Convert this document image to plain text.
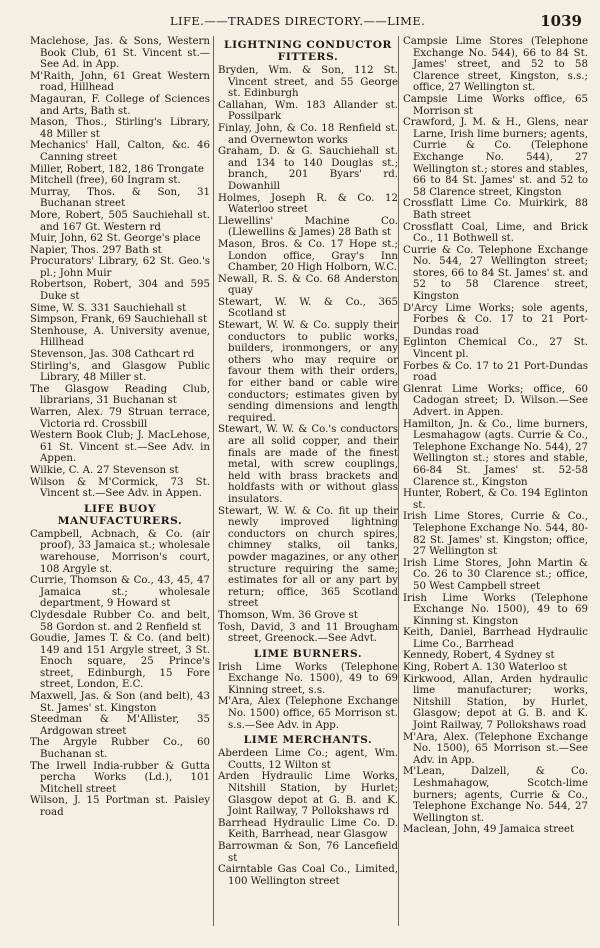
LIFE.——TRADES DIRECTORY.——LIME.	1039

Maclehose, Jas. & Sons, Western Book Club, 61 St. Vincent st.—See Ad. in App.

M'Raith, John, 61 Great Western road, Hillhead

Magauran, F. College of Sciences and Arts, Bath st.

Mason, Thos., Stirling's Library, 48 Miller st

Mechanics' Hall, Calton, &c. 46 Canning street

Miller, Robert, 182, 186 Trongate

Mitchell (free), 60 Ingram st.

Murray, Thos. & Son, 31 Buchanan street

More, Robert, 505 Sauchiehall st. and 167 Gt. Western rd

Muir, John, 62 St. George's place

Napier, Thos. 297 Bath st

Procurators' Library, 62 St. Geo.'s pl.; John Muir

Robertson, Robert, 304 and 595 Duke st

Sime, W. S. 331 Sauchiehall st

Simpson, Frank, 69 Sauchiehall st

Stenhouse, A. University avenue, Hillhead

Stevenson, Jas. 308 Cathcart rd

Stirling's, and Glasgow Public Library, 48 Miller st.

The Glasgow Reading Club, librarians, 31 Buchanan st

Warren, Alex. 79 Struan terrace, Victoria rd. Crossbill

Western Book Club; J. MacLehose, 61 St. Vincent st.—See Adv. in Appen.

Wilkie, C. A. 27 Stevenson st

Wilson & M'Cormick, 73 St. Vincent st.—See Adv. in Appen.

LIFE BUOY MANUFACTURERS.

Campbell, Acbnach, & Co. (air proof), 33 Jamaica st.; wholesale warehouse, Morrison's court, 108 Argyle st.

Currie, Thomson & Co., 43, 45, 47 Jamaica st.; wholesale department, 9 Howard st

Clydesdale Rubber Co. and belt, 58 Gordon st. and 2 Renfield st

Goudie, James T. & Co. (and belt) 149 and 151 Argyle street, 3 St. Enoch square, 25 Prince's street, Edinburgh, 15 Fore street, London, E.C.

Maxwell, Jas. & Son (and belt), 43 St. James' st. Kingston

Steedman & M'Allister, 35 Ardgowan street

The Argyle Rubber Co., 60 Buchanan st.

The Irwell India-rubber & Gutta percha Works (Ld.), 101 Mitchell street

Wilson, J. 15 Portman st. Paisley road

LIGHTNING CONDUCTOR FITTERS.

Bryden, Wm. & Son, 112 St. Vincent street, and 55 George st. Edinburgh

Callahan, Wm. 183 Allander st. Possilpark

Finlay, John, & Co. 18 Renfield st. and Overnewton works

Graham, D. & G. Sauchiehall st. and 134 to 140 Douglas st.; branch, 201 Byars' rd. Dowanhill

Holmes, Joseph R. & Co. 12 Waterloo street

Llewellins' Machine Co. (Llewellins & James) 28 Bath st

Mason, Bros. & Co. 17 Hope st.; London office, Gray's Inn Chamber, 20 High Holborn, W.C.

Newall, R. S. & Co. 68 Anderston quay

Stewart, W. W. & Co., 365 Scotland st

Stewart, W. W. & Co. supply their conductors to public works, builders, ironmongers, or any others who may require or favour them with their orders, for either band or cable wire conductors; estimates given by sending dimensions and length required.

Stewart, W. W. & Co.'s conductors are all solid copper, and their finals are made of the finest metal, with screw couplings, held with brass brackets and holdfasts with or without glass insulators.

Stewart, W. W. & Co. fit up their newly improved lightning conductors on church spires, chimney stalks, oil tanks, powder magazines, or any other structure requiring the same; estimates for all or any part by return; office, 365 Scotland street

Thomson, Wm. 36 Grove st

Tosh, David, 3 and 11 Brougham street, Greenock.—See Advt.

LIME BURNERS.

Irish Lime Works (Telephone Exchange No. 1500), 49 to 69 Kinning street, s.s.

M'Ara, Alex (Telephone Exchange No. 1500) office, 65 Morrison st. s.s.—See Adv. in App.

LIME MERCHANTS.

Aberdeen Lime Co.; agent, Wm. Coutts, 12 Wilton st

Arden Hydraulic Lime Works, Nitshill Station, by Hurlet; Glasgow depot at G. B. and K. Joint Railway, 7 Pollokshaws rd

Barrhead Hydraulic Lime Co. D. Keith, Barrhead, near Glasgow

Barrowman & Son, 76 Lancefield st

Cairntable Gas Coal Co., Limited, 100 Wellington street

Campsie Lime Stores (Telephone Exchange No. 544), 66 to 84 St. James' street, and 52 to 58 Clarence street, Kingston, s.s.; office, 27 Wellington st.

Campsie Lime Works office, 65 Morrison st

Crawford, J. M. & H., Glens, near Larne, Irish lime burners; agents, Currie & Co. (Telephone Exchange No. 544), 27 Wellington st.; stores and stables, 66 to 84 St. James' st. and 52 to 58 Clarence street, Kingston

Crossflatt Lime Co. Muirkirk, 88 Bath street

Crossflatt Coal, Lime, and Brick Co., 11 Bothwell st.

Currie & Co. Telephone Exchange No. 544, 27 Wellington street; stores, 66 to 84 St. James' st. and 52 to 58 Clarence street, Kingston

D'Arcy Lime Works; sole agents, Forbes & Co. 17 to 21 Port-Dundas road

Eglinton Chemical Co., 27 St. Vincent pl.

Forbes & Co. 17 to 21 Port-Dundas road

Glenrat Lime Works; office, 60 Cadogan street; D. Wilson.—See Advert. in Appen.

Hamilton, Jn. & Co., lime burners, Lesmahagow (agts. Currie & Co., Telephone Exchange No. 544), 27 Wellington st.; stores and stable, 66-84 St. James' st. 52-58 Clarence st., Kingston

Hunter, Robert, & Co. 194 Eglinton st.

Irish Lime Stores, Currie & Co., Telephone Exchange No. 544, 80-82 St. James' st. Kingston; office, 27 Wellington st

Irish Lime Stores, John Martin & Co. 26 to 30 Clarence st.; office, 50 West Campbell street

Irish Lime Works (Telephone Exchange No. 1500), 49 to 69 Kinning st. Kingston

Keith, Daniel, Barrhead Hydraulic Lime Co., Barrhead

Kennedy, Robert, 4 Sydney st

King, Robert A. 130 Waterloo st

Kirkwood, Allan, Arden hydraulic lime manufacturer; works, Nitshill Station, by Hurlet, Glasgow; depot at G. B. and K. Joint Railway, 7 Pollokshaws road

M'Ara, Alex. (Telephone Exchange No. 1500), 65 Morrison st.—See Adv. in App.

M'Lean, Dalzell, & Co. Leshmahagow, Scotch-lime burners; agents, Currie & Co., Telephone Exchange No. 544, 27 Wellington st.

Maclean, John, 49 Jamaica street
